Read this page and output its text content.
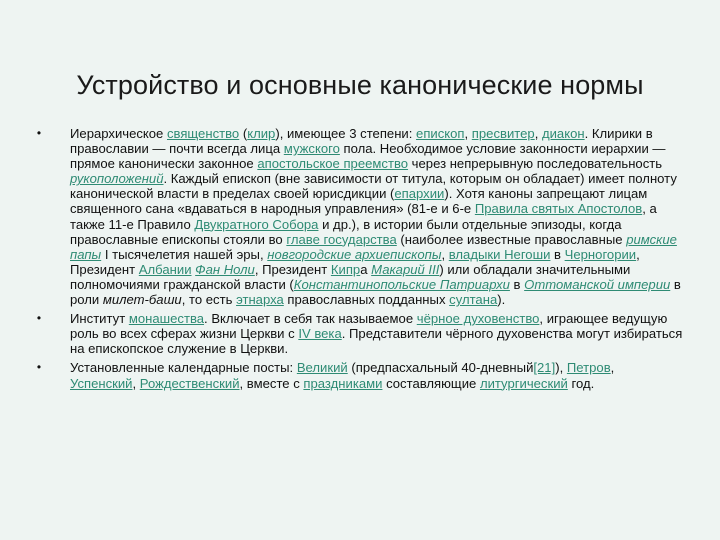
Устройство и основные канонические нормы
• Иерархическое священство (клир), имеющее 3 степени: епископ, пресвитер, диакон. Клирики в православии — почти всегда лица мужского пола. Необходимое условие законности иерархии — прямое канонически законное апостольское преемство через непрерывную последовательность рукоположений. Каждый епископ (вне зависимости от титула, которым он обладает) имеет полноту канонической власти в пределах своей юрисдикции (епархии). Хотя каноны запрещают лицам священного сана «вдаваться в народныя управления» (81-е и 6-е Правила святых Апостолов, а также 11-е Правило Двукратного Собора и др.), в истории были отдельные эпизоды, когда православные епископы стояли во главе государства (наиболее известные православные римские папы I тысячелетия нашей эры, новгородские архиепископы, владыки Негоши в Черногории, Президент Албании Фан Ноли, Президент Кипра Макарий III) или обладали значительными полномочиями гражданской власти (Константинопольские Патриархи в Оттоманской империи в роли милет-баши, то есть этнарха православных подданных султана).
• Институт монашества. Включает в себя так называемое чёрное духовенство, играющее ведущую роль во всех сферах жизни Церкви с IV века. Представители чёрного духовенства могут избираться на епископское служение в Церкви.
• Установленные календарные посты: Великий (предпасхальный 40-дневный[21]), Петров, Успенский, Рождественский, вместе с праздниками составляющие литургический год.
